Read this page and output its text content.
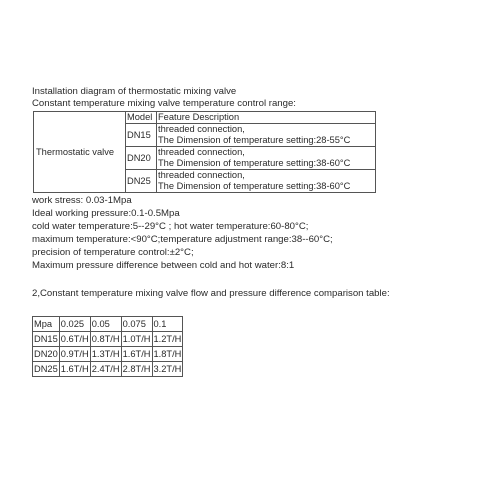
Installation diagram of thermostatic mixing valve
Constant temperature mixing valve temperature control range:
Thermostatic valve	Model	Feature Description
	DN15	threaded connection,
The Dimension of temperature setting:28-55°C

	DN20	threaded connection,
The Dimension of temperature setting:38-60°C

	DN25	threaded connection,
The Dimension of temperature setting:38-60°C
work stress: 0.03-1Mpa
Ideal working pressure:0.1-0.5Mpa
cold water temperature:5--29°C ; hot water temperature:60-80°C;
maximum temperature:<90°C;temperature adjustment range:38--60°C;
precision of temperature control:±2°C;
Maximum pressure difference between cold and hot water:8:1
2,Constant temperature mixing valve flow and pressure difference comparison table:
Mpa	0.025	0.05	0.075	0.1
DN15	0.6T/H	0.8T/H	1.0T/H	1.2T/H
DN20	0.9T/H	1.3T/H	1.6T/H	1.8T/H
DN25	1.6T/H	2.4T/H	2.8T/H	3.2T/H
